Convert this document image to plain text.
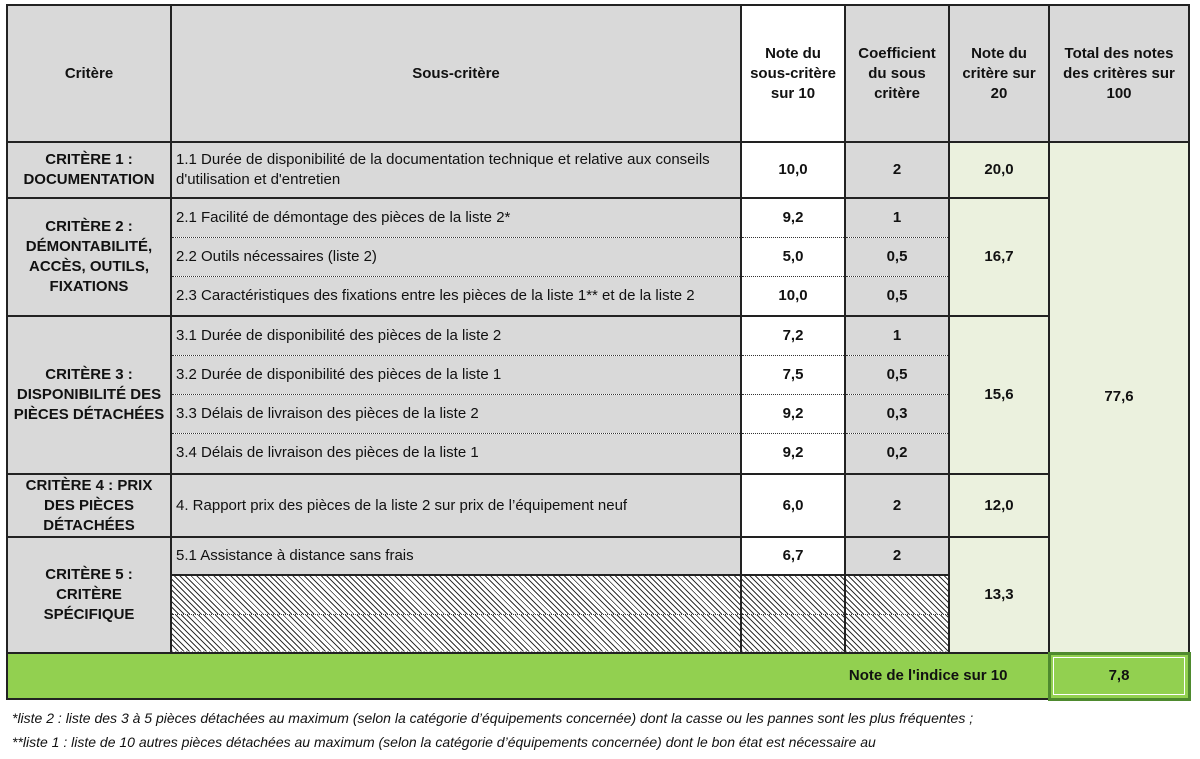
Critère	Sous-critère	Note du sous-critère sur 10	Coefficient du sous critère	Note du critère sur 20	Total des notes des critères sur 100
CRITÈRE 1 : DOCUMENTATION	1.1 Durée de disponibilité de la documentation technique et relative aux conseils d'utilisation et d'entretien	10,0	2	20,0	77,6
CRITÈRE 2 : DÉMONTABILITÉ, ACCÈS, OUTILS, FIXATIONS	2.1 Facilité de démontage des pièces de la liste 2*	9,2	1	16,7	
	2.2 Outils nécessaires (liste 2)	5,0	0,5		
	2.3 Caractéristiques des fixations entre les pièces de la liste 1** et de la liste 2	10,0	0,5		
CRITÈRE 3 : DISPONIBILITÉ DES PIÈCES DÉTACHÉES	3.1 Durée de disponibilité des pièces de la liste 2	7,2	1	15,6	
	3.2 Durée de disponibilité des pièces de la liste 1	7,5	0,5		
	3.3 Délais de livraison des pièces de la liste 2	9,2	0,3		
	3.4 Délais de livraison des pièces de la liste 1	9,2	0,2		
CRITÈRE 4 : PRIX DES PIÈCES DÉTACHÉES	4. Rapport prix des pièces de la liste 2 sur prix de l’équipement neuf	6,0	2	12,0	
CRITÈRE 5 : CRITÈRE SPÉCIFIQUE	5.1 Assistance à distance sans frais	6,7	2	13,3	

Note de l'indice sur 10					7,8
*liste 2 : liste des 3 à 5 pièces détachées au maximum (selon la catégorie d’équipements concernée) dont la casse ou les pannes sont les plus fréquentes ;
**liste 1 : liste de 10 autres pièces détachées au maximum (selon la catégorie d’équipements concernée) dont le bon état est nécessaire au
